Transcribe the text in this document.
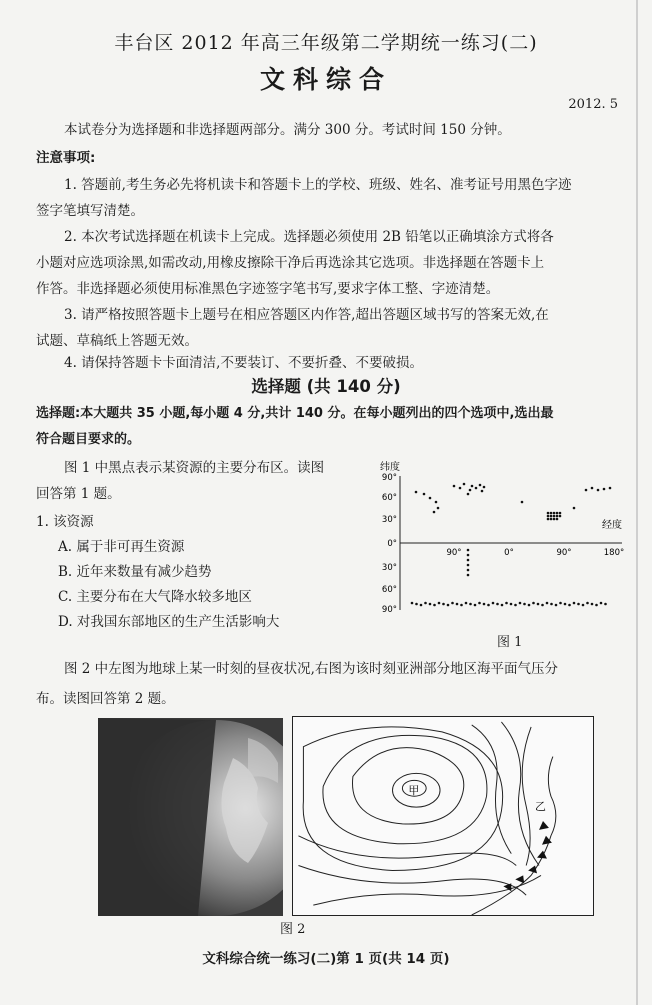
丰台区 2012 年高三年级第二学期统一练习(二)
文科综合
2012. 5
本试卷分为选择题和非选择题两部分。满分 300 分。考试时间 150 分钟。
注意事项:
1. 答题前,考生务必先将机读卡和答题卡上的学校、班级、姓名、准考证号用黑色字迹
签字笔填写清楚。
2. 本次考试选择题在机读卡上完成。选择题必须使用 2B 铅笔以正确填涂方式将各
小题对应选项涂黑,如需改动,用橡皮擦除干净后再选涂其它选项。非选择题在答题卡上
作答。非选择题必须使用标准黑色字迹签字笔书写,要求字体工整、字迹清楚。
3. 请严格按照答题卡上题号在相应答题区内作答,超出答题区域书写的答案无效,在
试题、草稿纸上答题无效。
4. 请保持答题卡卡面清洁,不要装订、不要折叠、不要破损。
选择题 (共 140 分)
选择题:本大题共 35 小题,每小题 4 分,共计 140 分。在每小题列出的四个选项中,选出最
符合题目要求的。
图 1 中黑点表示某资源的主要分布区。读图
回答第 1 题。
1. 该资源
A. 属于非可再生资源
B. 近年来数量有减少趋势
C. 主要分布在大气降水较多地区
D. 对我国东部地区的生产生活影响大
纬度
经度
90°
60°
30°
0°
30°
60°
90°
90°	0°	90°	180°
图 1
图 2 中左图为地球上某一时刻的昼夜状况,右图为该时刻亚洲部分地区海平面气压分
布。读图回答第 2 题。
甲
乙
图 2
文科综合统一练习(二)第 1 页(共 14 页)
